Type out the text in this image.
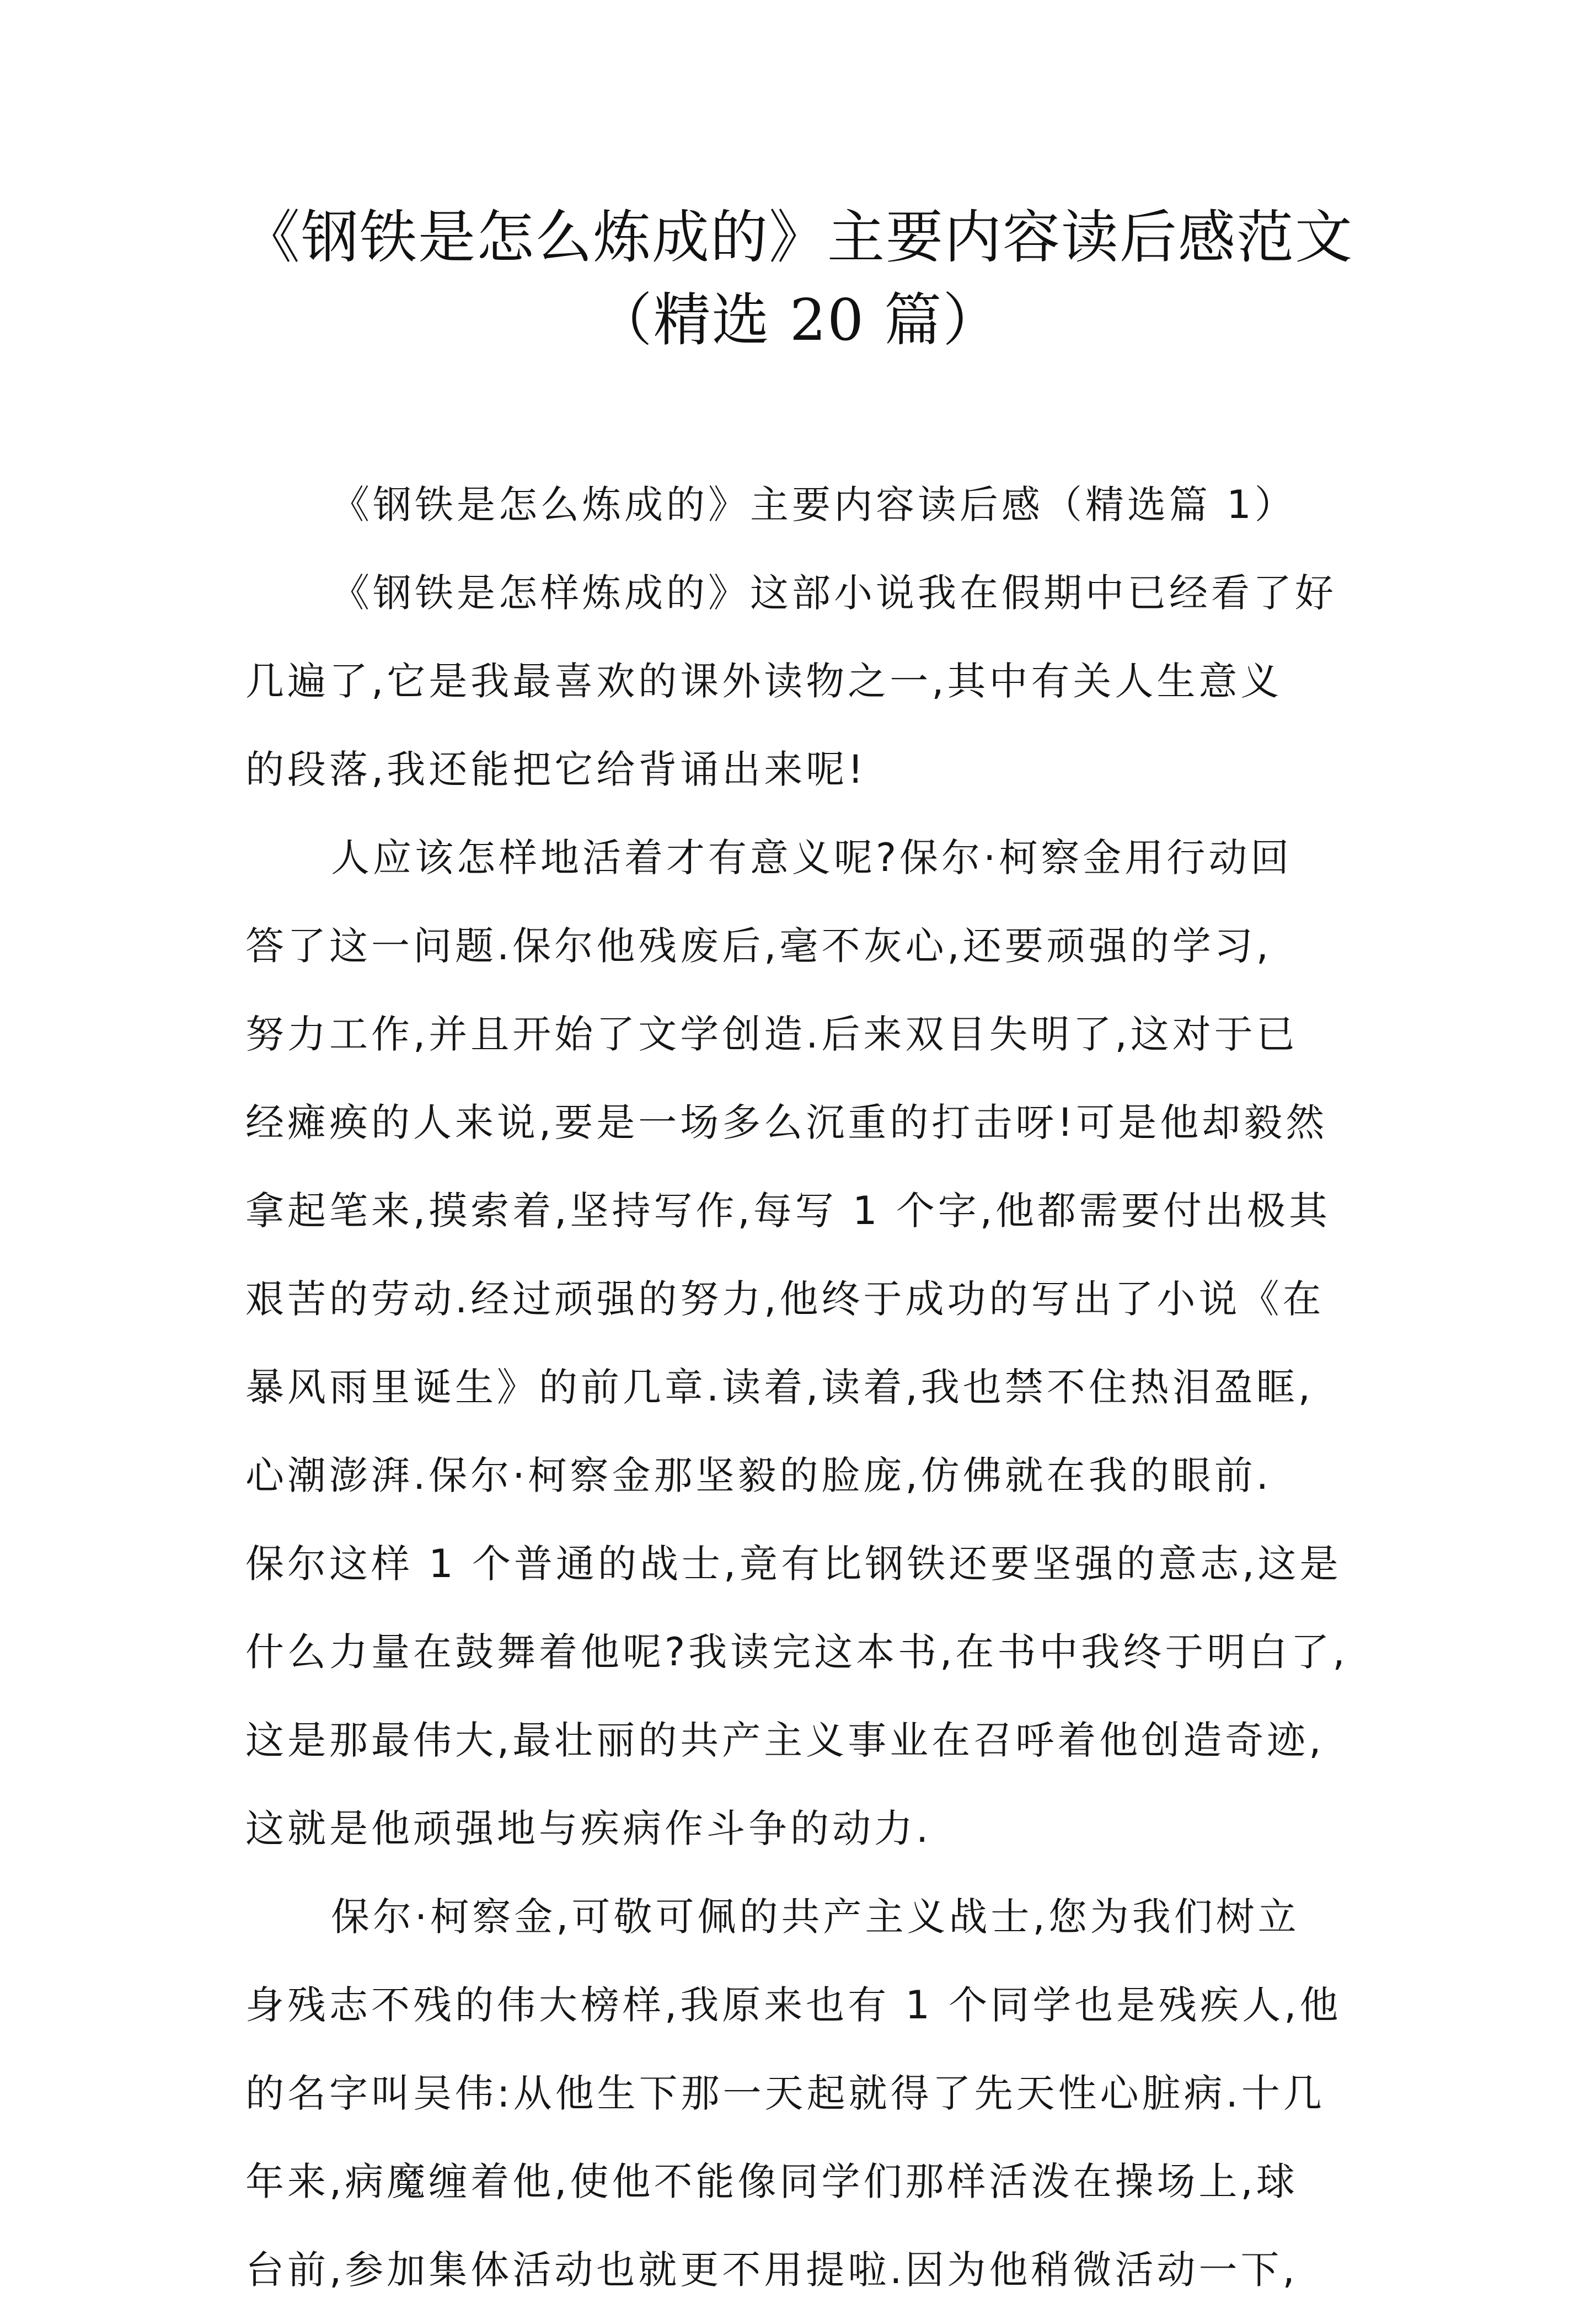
《钢铁是怎么炼成的》主要内容读后感范文
（精选 20 篇）
《钢铁是怎么炼成的》主要内容读后感（精选篇 1）
《钢铁是怎样炼成的》这部小说我在假期中已经看了好
几遍了,它是我最喜欢的课外读物之一,其中有关人生意义
的段落,我还能把它给背诵出来呢!
人应该怎样地活着才有意义呢?保尔·柯察金用行动回
答了这一问题.保尔他残废后,毫不灰心,还要顽强的学习,
努力工作,并且开始了文学创造.后来双目失明了,这对于已
经瘫痪的人来说,要是一场多么沉重的打击呀!可是他却毅然
拿起笔来,摸索着,坚持写作,每写 1 个字,他都需要付出极其
艰苦的劳动.经过顽强的努力,他终于成功的写出了小说《在
暴风雨里诞生》的前几章.读着,读着,我也禁不住热泪盈眶,
心潮澎湃.保尔·柯察金那坚毅的脸庞,仿佛就在我的眼前.
保尔这样 1 个普通的战士,竟有比钢铁还要坚强的意志,这是
什么力量在鼓舞着他呢?我读完这本书,在书中我终于明白了,
这是那最伟大,最壮丽的共产主义事业在召呼着他创造奇迹,
这就是他顽强地与疾病作斗争的动力.
保尔·柯察金,可敬可佩的共产主义战士,您为我们树立
身残志不残的伟大榜样,我原来也有 1 个同学也是残疾人,他
的名字叫吴伟:从他生下那一天起就得了先天性心脏病.十几
年来,病魔缠着他,使他不能像同学们那样活泼在操场上,球
台前,参加集体活动也就更不用提啦.因为他稍微活动一下,
